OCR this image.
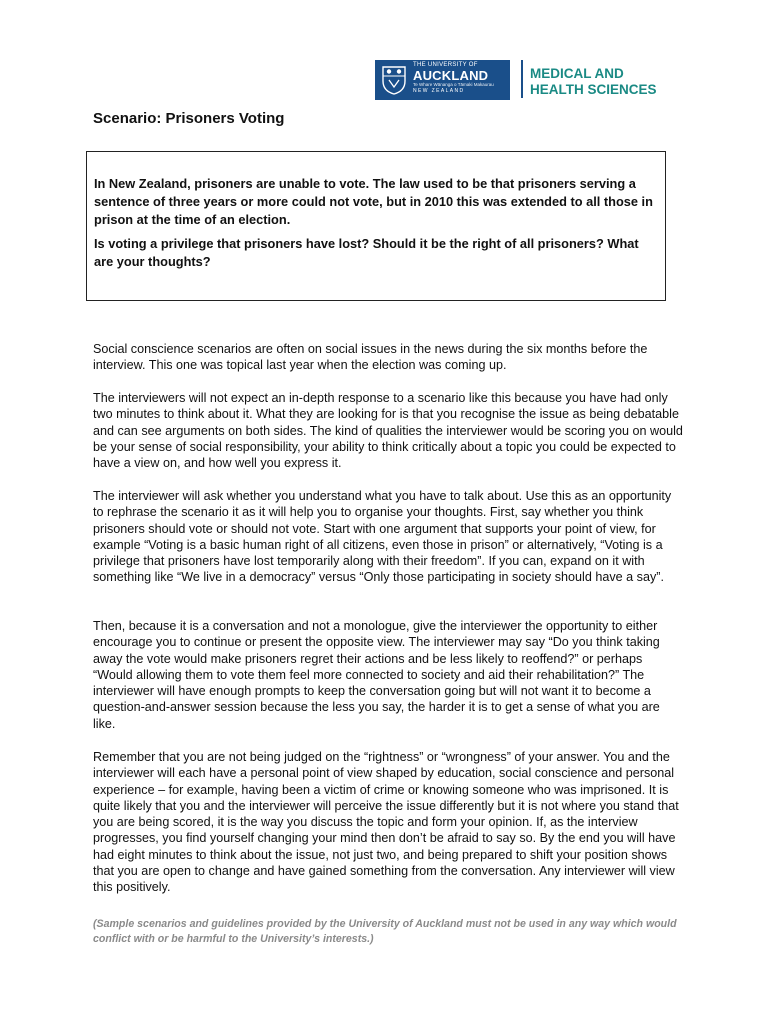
THE UNIVERSITY OF
AUCKLAND
Te Whare Wānanga o Tāmaki Makaurau
NEW ZEALAND
MEDICAL AND
HEALTH SCIENCES
Scenario: Prisoners Voting

In New Zealand, prisoners are unable to vote. The law used to be that prisoners serving a sentence of three years or more could not vote, but in 2010 this was extended to all those in prison at the time of an election.

Is voting a privilege that prisoners have lost? Should it be the right of all prisoners? What are your thoughts?

Social conscience scenarios are often on social issues in the news during the six months before the interview. This one was topical last year when the election was coming up.

The interviewers will not expect an in-depth response to a scenario like this because you have had only two minutes to think about it. What they are looking for is that you recognise the issue as being debatable and can see arguments on both sides. The kind of qualities the interviewer would be scoring you on would be your sense of social responsibility, your ability to think critically about a topic you could be expected to have a view on, and how well you express it.

The interviewer will ask whether you understand what you have to talk about. Use this as an opportunity to rephrase the scenario it as it will help you to organise your thoughts. First, say whether you think prisoners should vote or should not vote. Start with one argument that supports your point of view, for example “Voting is a basic human right of all citizens, even those in prison” or alternatively, “Voting is a privilege that prisoners have lost temporarily along with their freedom”. If you can, expand on it with something like “We live in a democracy” versus “Only those participating in society should have a say”.

Then, because it is a conversation and not a monologue, give the interviewer the opportunity to either encourage you to continue or present the opposite view. The interviewer may say “Do you think taking away the vote would make prisoners regret their actions and be less likely to reoffend?” or perhaps “Would allowing them to vote them feel more connected to society and aid their rehabilitation?” The interviewer will have enough prompts to keep the conversation going but will not want it to become a question-and-answer session because the less you say, the harder it is to get a sense of what you are like.

Remember that you are not being judged on the “rightness” or “wrongness” of your answer. You and the interviewer will each have a personal point of view shaped by education, social conscience and personal experience – for example, having been a victim of crime or knowing someone who was imprisoned. It is quite likely that you and the interviewer will perceive the issue differently but it is not where you stand that you are being scored, it is the way you discuss the topic and form your opinion. If, as the interview progresses, you find yourself changing your mind then don’t be afraid to say so. By the end you will have had eight minutes to think about the issue, not just two, and being prepared to shift your position shows that you are open to change and have gained something from the conversation. Any interviewer will view this positively.

(Sample scenarios and guidelines provided by the University of Auckland must not be used in any way which would conflict with or be harmful to the University’s interests.)
